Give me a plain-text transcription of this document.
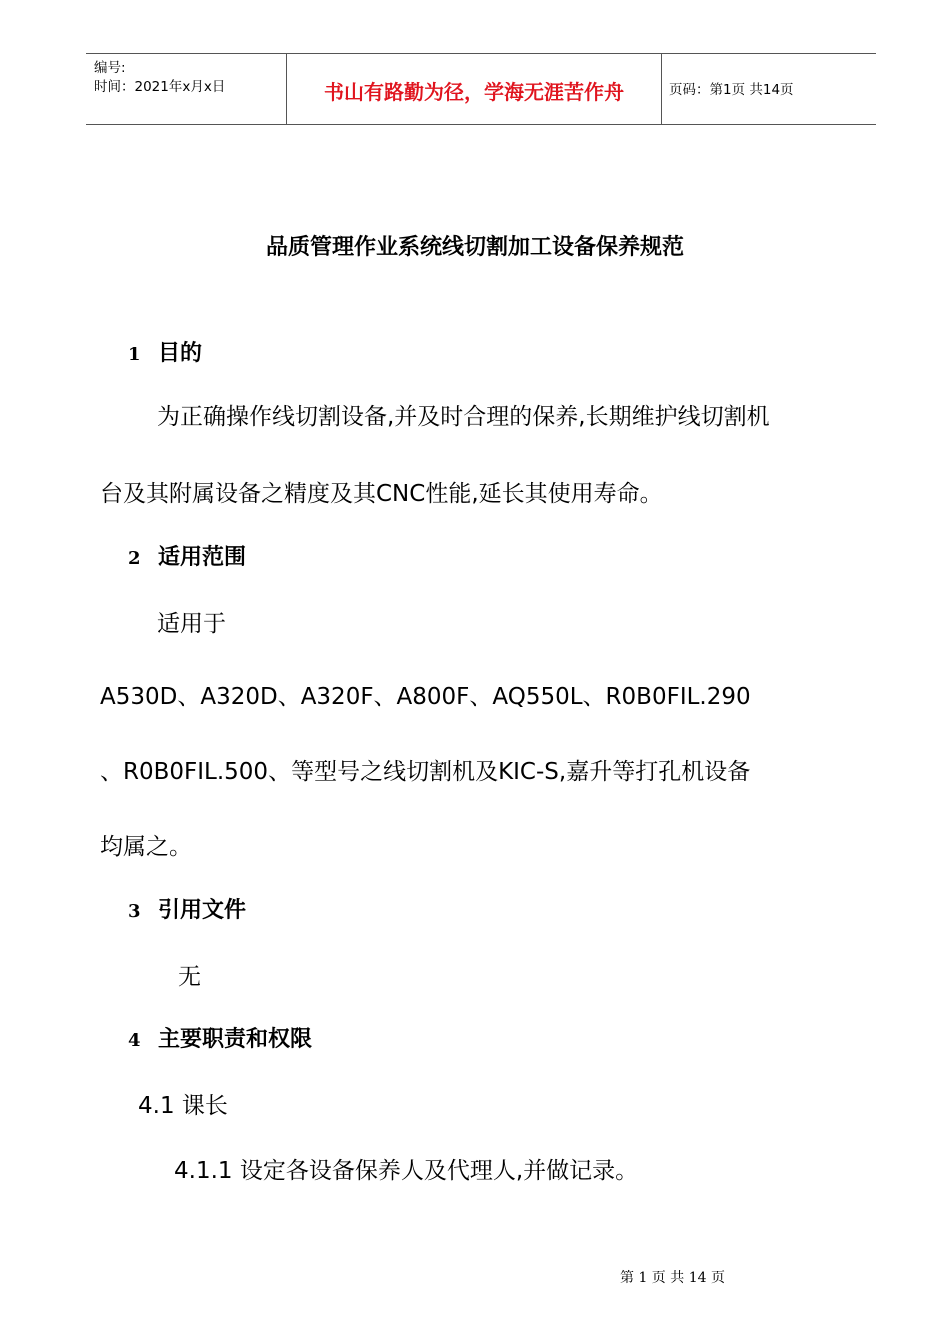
编号:
时间：2021年x月x日	书山有路勤为径，学海无涯苦作舟	页码：第1页 共14页
品质管理作业系统线切割加工设备保养规范
1 目的
为正确操作线切割设备,并及时合理的保养,长期维护线切割机
台及其附属设备之精度及其CNC性能,延长其使用寿命。
2 适用范围
适用于
A530D、A320D、A320F、A800F、AQ550L、R0B0FIL.290
、R0B0FIL.500、等型号之线切割机及KIC-S,嘉升等打孔机设备
均属之。
3 引用文件
无
4 主要职责和权限
4.1 课长
4.1.1 设定各设备保养人及代理人,并做记录。
第 1 页 共 14 页
